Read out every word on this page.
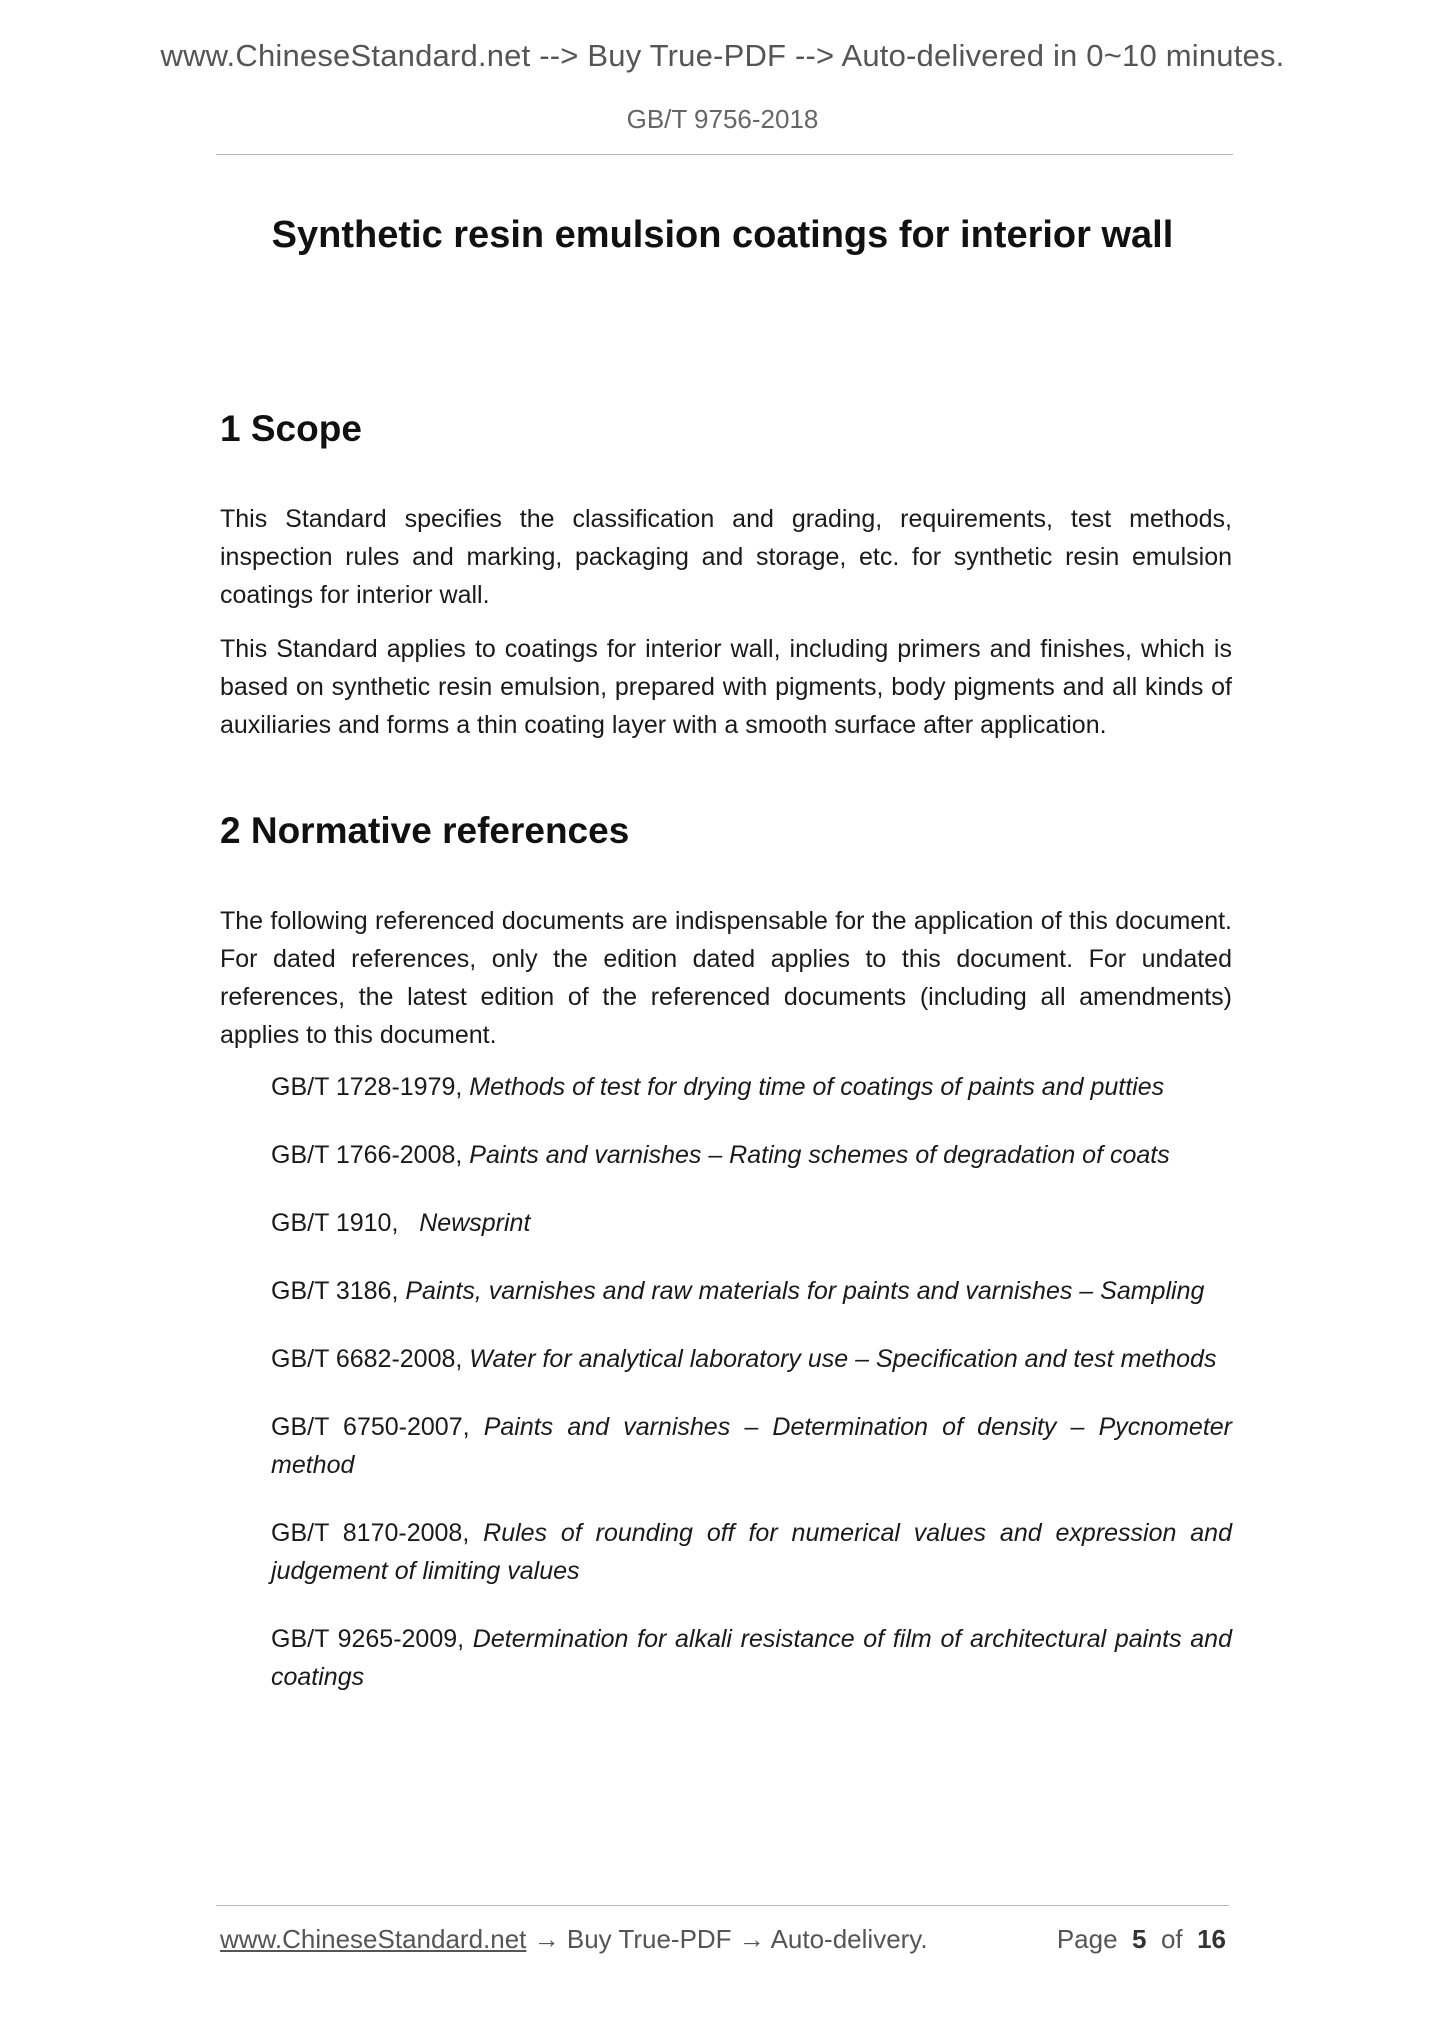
www.ChineseStandard.net --> Buy True-PDF --> Auto-delivered in 0~10 minutes.
GB/T 9756-2018
Synthetic resin emulsion coatings for interior wall
1 Scope

This Standard specifies the classification and grading, requirements, test methods, inspection rules and marking, packaging and storage, etc. for synthetic resin emulsion coatings for interior wall.

This Standard applies to coatings for interior wall, including primers and finishes, which is based on synthetic resin emulsion, prepared with pigments, body pigments and all kinds of auxiliaries and forms a thin coating layer with a smooth surface after application.

2 Normative references

The following referenced documents are indispensable for the application of this document. For dated references, only the edition dated applies to this document. For undated references, the latest edition of the referenced documents (including all amendments) applies to this document.

GB/T 1728-1979, Methods of test for drying time of coatings of paints and putties
GB/T 1766-2008, Paints and varnishes – Rating schemes of degradation of coats
GB/T 1910, Newsprint
GB/T 3186, Paints, varnishes and raw materials for paints and varnishes – Sampling
GB/T 6682-2008, Water for analytical laboratory use – Specification and test methods
GB/T 6750-2007, Paints and varnishes – Determination of density – Pycnometer method
GB/T 8170-2008, Rules of rounding off for numerical values and expression and judgement of limiting values
GB/T 9265-2009, Determination for alkali resistance of film of architectural paints and coatings
www.ChineseStandard.net → Buy True-PDF → Auto-delivery.	Page 5 of 16
